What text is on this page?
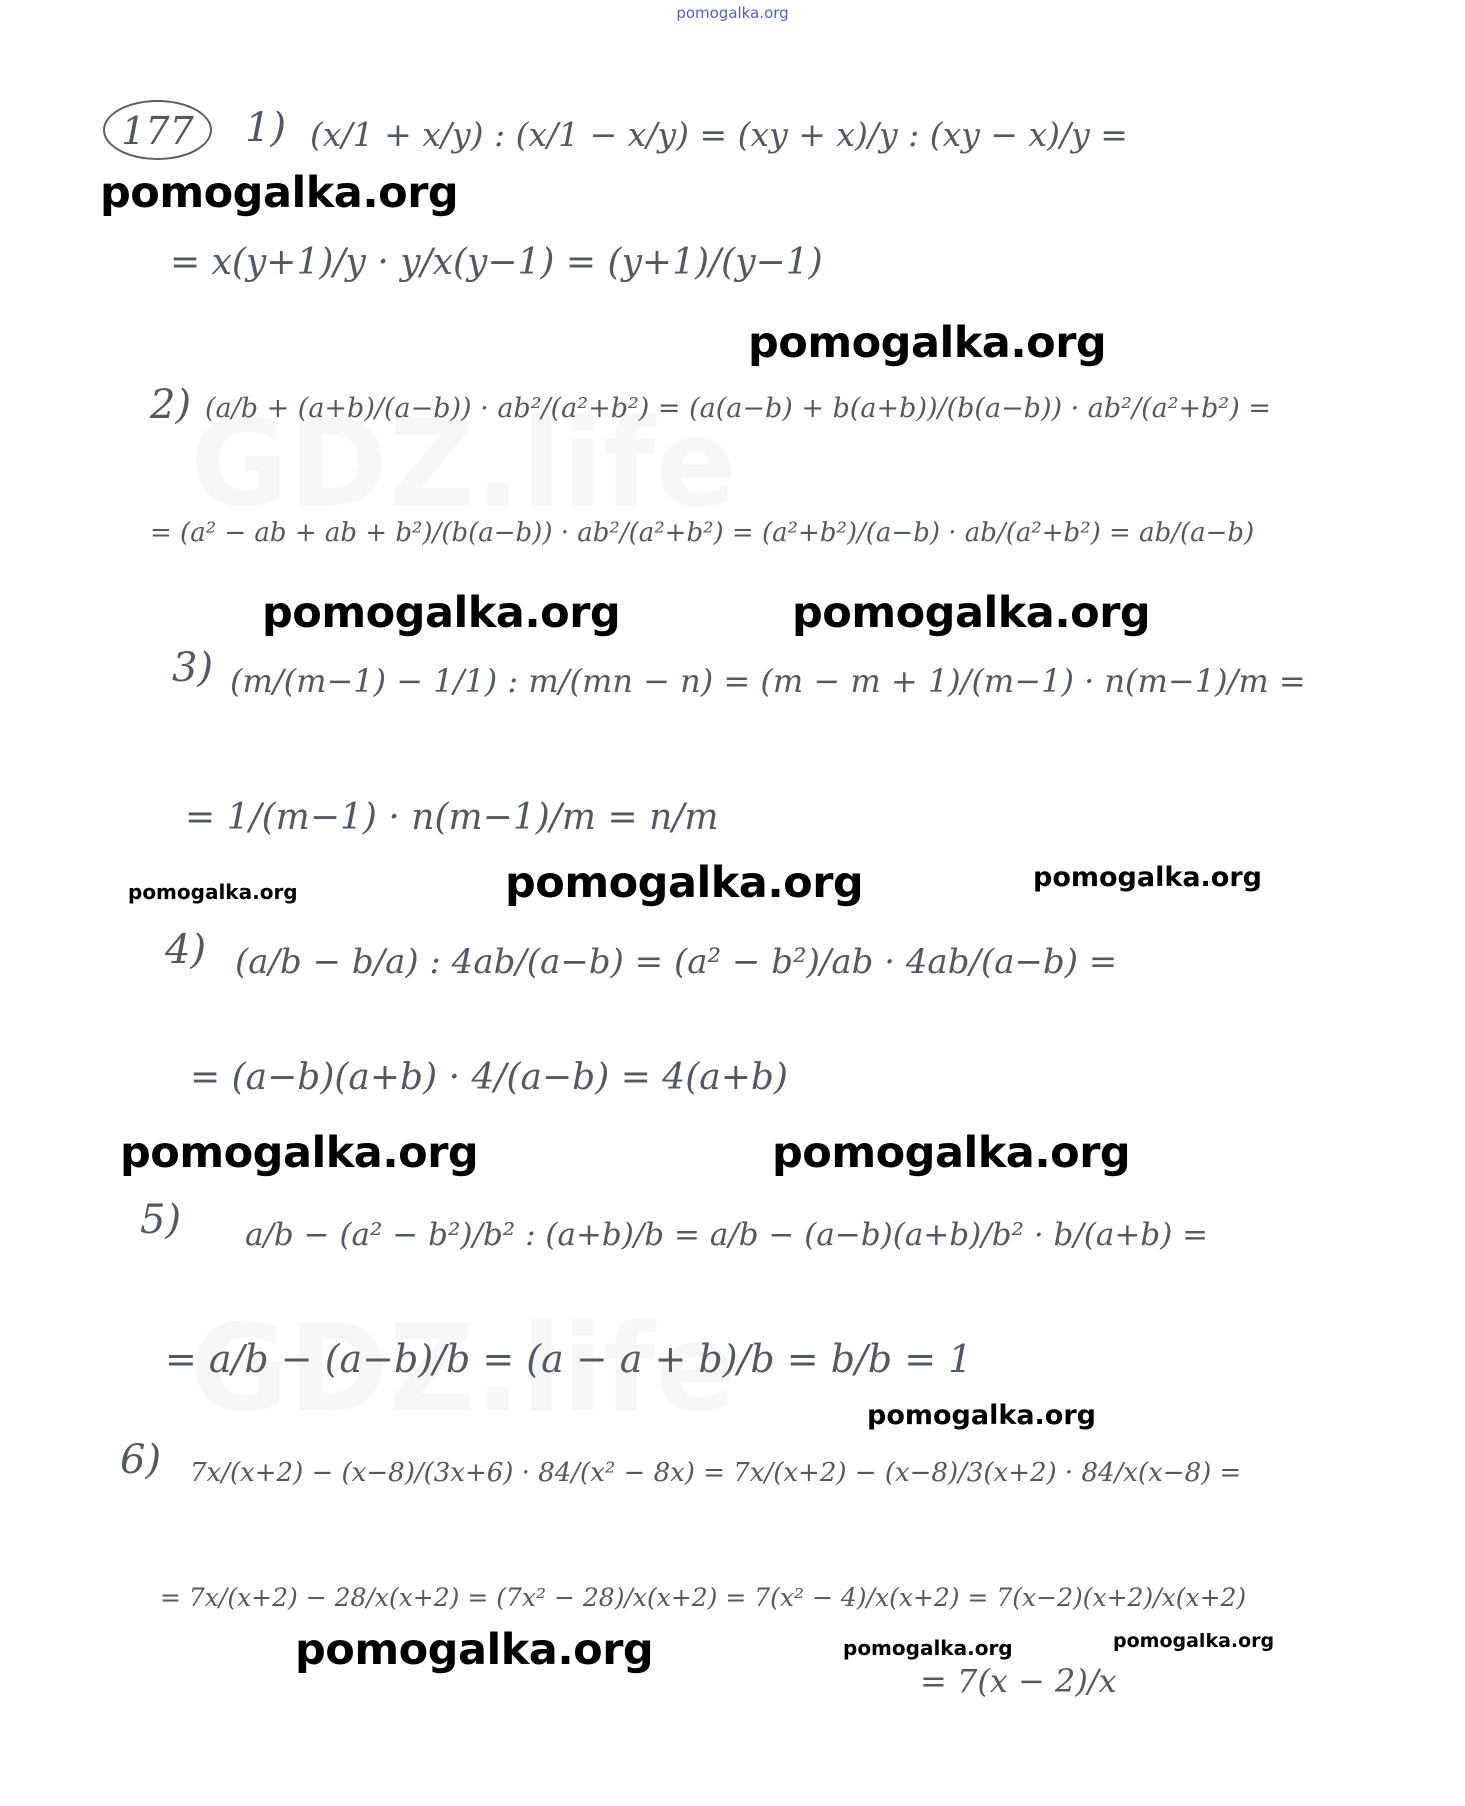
pomogalka.org
177	1) (x/1 + x/y) : (x/1 − x/y) = (xy + x)/y : (xy − x)/y =
= x(y+1)/y · y/x(y−1) = (y+1)/(y−1)
2) (a/b + (a+b)/(a−b)) · ab²/(a²+b²) = (a(a−b) + b(a+b))/(b(a−b)) · ab²/(a²+b²) =
= (a² − ab + ab + b²)/(b(a−b)) · ab²/(a²+b²) = (a²+b²)/(a−b) · ab/(a²+b²) = ab/(a−b)
3) (m/(m−1) − 1/1) : m/(mn − n) = (m − m + 1)/(m−1) · n(m−1)/m =
= 1/(m−1) · n(m−1)/m = n/m
4) (a/b − b/a) : 4ab/(a−b) = (a² − b²)/ab · 4ab/(a−b) =
= (a−b)(a+b) · 4/(a−b) = 4(a+b)
5) a/b − (a² − b²)/b² : (a+b)/b = a/b − (a−b)(a+b)/b² · b/(a+b) =
= a/b − (a−b)/b = (a − a + b)/b = b/b = 1
6) 7x/(x+2) − (x−8)/(3x+6) · 84/(x² − 8x) = 7x/(x+2) − (x−8)/3(x+2) · 84/x(x−8) =
= 7x/(x+2) − 28/x(x+2) = (7x² − 28)/x(x+2) = 7(x² − 4)/x(x+2) = 7(x−2)(x+2)/x(x+2)
= 7(x − 2)/x
pomogalka.org
pomogalka.org
pomogalka.org	pomogalka.org
pomogalka.org	pomogalka.org	pomogalka.org
pomogalka.org	pomogalka.org
pomogalka.org
pomogalka.org	pomogalka.org	pomogalka.org
